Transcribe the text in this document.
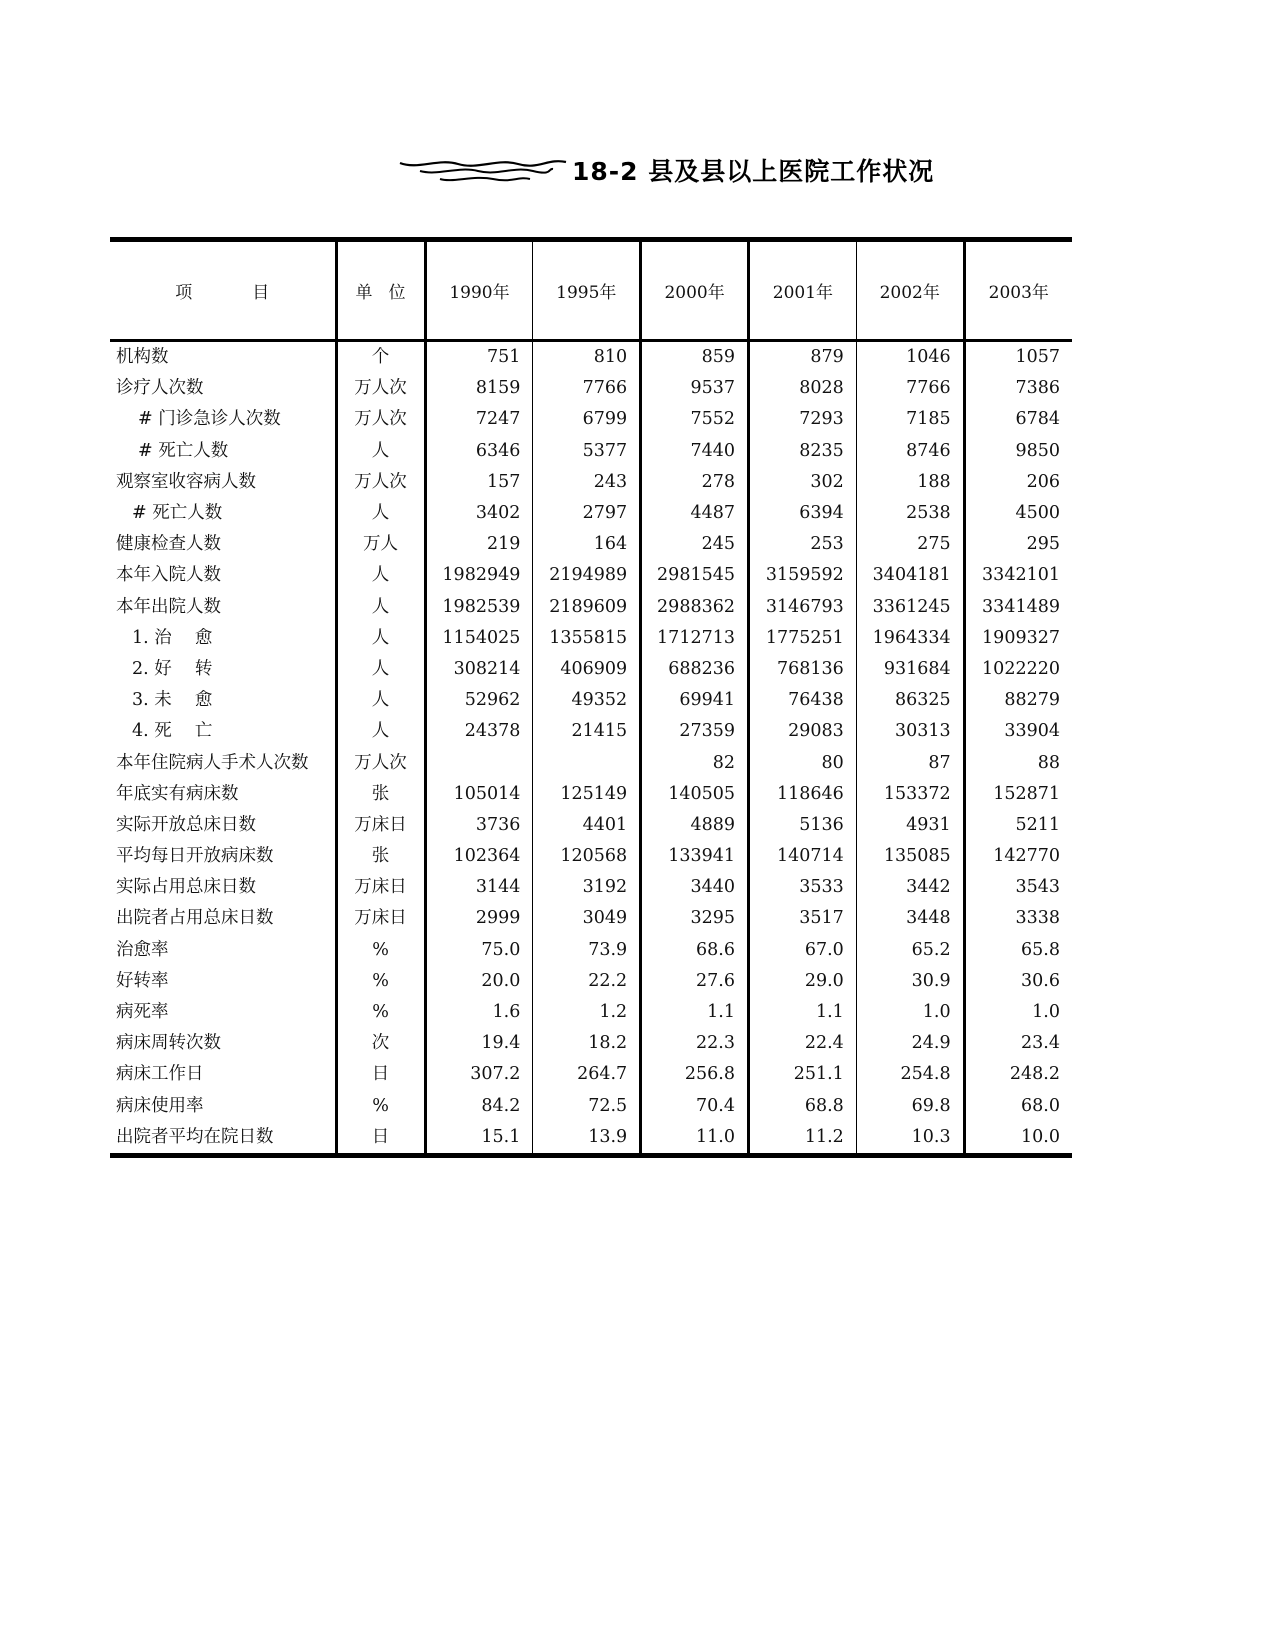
18-2 县及县以上医院工作状况
项 目	单 位	1990年	1995年	2000年	2001年	2002年	2003年
机构数	个	751	810	859	879	1046	1057
诊疗人次数	万人次	8159	7766	9537	8028	7766	7386
# 门诊急诊人次数	万人次	7247	6799	7552	7293	7185	6784
# 死亡人数	人	6346	5377	7440	8235	8746	9850
观察室收容病人数	万人次	157	243	278	302	188	206
# 死亡人数	人	3402	2797	4487	6394	2538	4500
健康检查人数	万人	219	164	245	253	275	295
本年入院人数	人	1982949	2194989	2981545	3159592	3404181	3342101
本年出院人数	人	1982539	2189609	2988362	3146793	3361245	3341489
1. 治　 愈	人	1154025	1355815	1712713	1775251	1964334	1909327
2. 好　 转	人	308214	406909	688236	768136	931684	1022220
3. 未　 愈	人	52962	49352	69941	76438	86325	88279
4. 死　 亡	人	24378	21415	27359	29083	30313	33904
本年住院病人手术人次数	万人次			82	80	87	88
年底实有病床数	张	105014	125149	140505	118646	153372	152871
实际开放总床日数	万床日	3736	4401	4889	5136	4931	5211
平均每日开放病床数	张	102364	120568	133941	140714	135085	142770
实际占用总床日数	万床日	3144	3192	3440	3533	3442	3543
出院者占用总床日数	万床日	2999	3049	3295	3517	3448	3338
治愈率	%	75.0	73.9	68.6	67.0	65.2	65.8
好转率	%	20.0	22.2	27.6	29.0	30.9	30.6
病死率	%	1.6	1.2	1.1	1.1	1.0	1.0
病床周转次数	次	19.4	18.2	22.3	22.4	24.9	23.4
病床工作日	日	307.2	264.7	256.8	251.1	254.8	248.2
病床使用率	%	84.2	72.5	70.4	68.8	69.8	68.0
出院者平均在院日数	日	15.1	13.9	11.0	11.2	10.3	10.0
